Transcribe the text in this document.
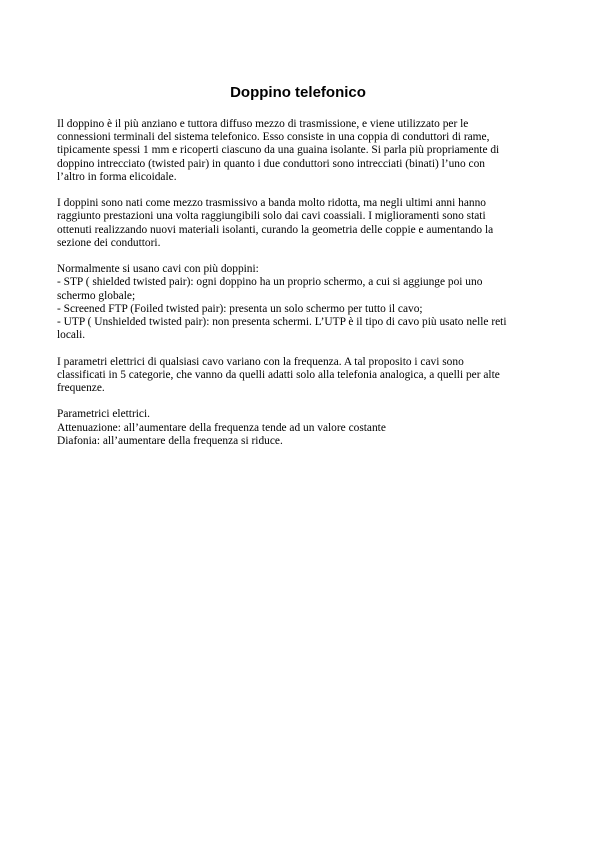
Doppino telefonico

Il doppino è il più anziano e tuttora diffuso mezzo di trasmissione, e viene utilizzato per le
connessioni terminali del sistema telefonico. Esso consiste in una coppia di conduttori di rame,
tipicamente spessi 1 mm e ricoperti ciascuno da una guaina isolante. Si parla più propriamente di
doppino intrecciato (twisted pair) in quanto i due conduttori sono intrecciati (binati) l’uno con
l’altro in forma elicoidale.

I doppini sono nati come mezzo trasmissivo a banda molto ridotta, ma negli ultimi anni hanno
raggiunto prestazioni una volta raggiungibili solo dai cavi coassiali. I miglioramenti sono stati
ottenuti realizzando nuovi materiali isolanti, curando la geometria delle coppie e aumentando la
sezione dei conduttori.

Normalmente si usano cavi con più doppini:
- STP ( shielded twisted pair): ogni doppino ha un proprio schermo, a cui si aggiunge poi uno
schermo globale;
- Screened FTP (Foiled twisted pair): presenta un solo schermo per tutto il cavo;
- UTP ( Unshielded twisted pair): non presenta schermi. L’UTP è il tipo di cavo più usato nelle reti
locali.

I parametri elettrici di qualsiasi cavo variano con la frequenza. A tal proposito i cavi sono
classificati in 5 categorie, che vanno da quelli adatti solo alla telefonia analogica, a quelli per alte
frequenze.

Parametrici elettrici.
Attenuazione: all’aumentare della frequenza tende ad un valore costante
Diafonia: all’aumentare della frequenza si riduce.
